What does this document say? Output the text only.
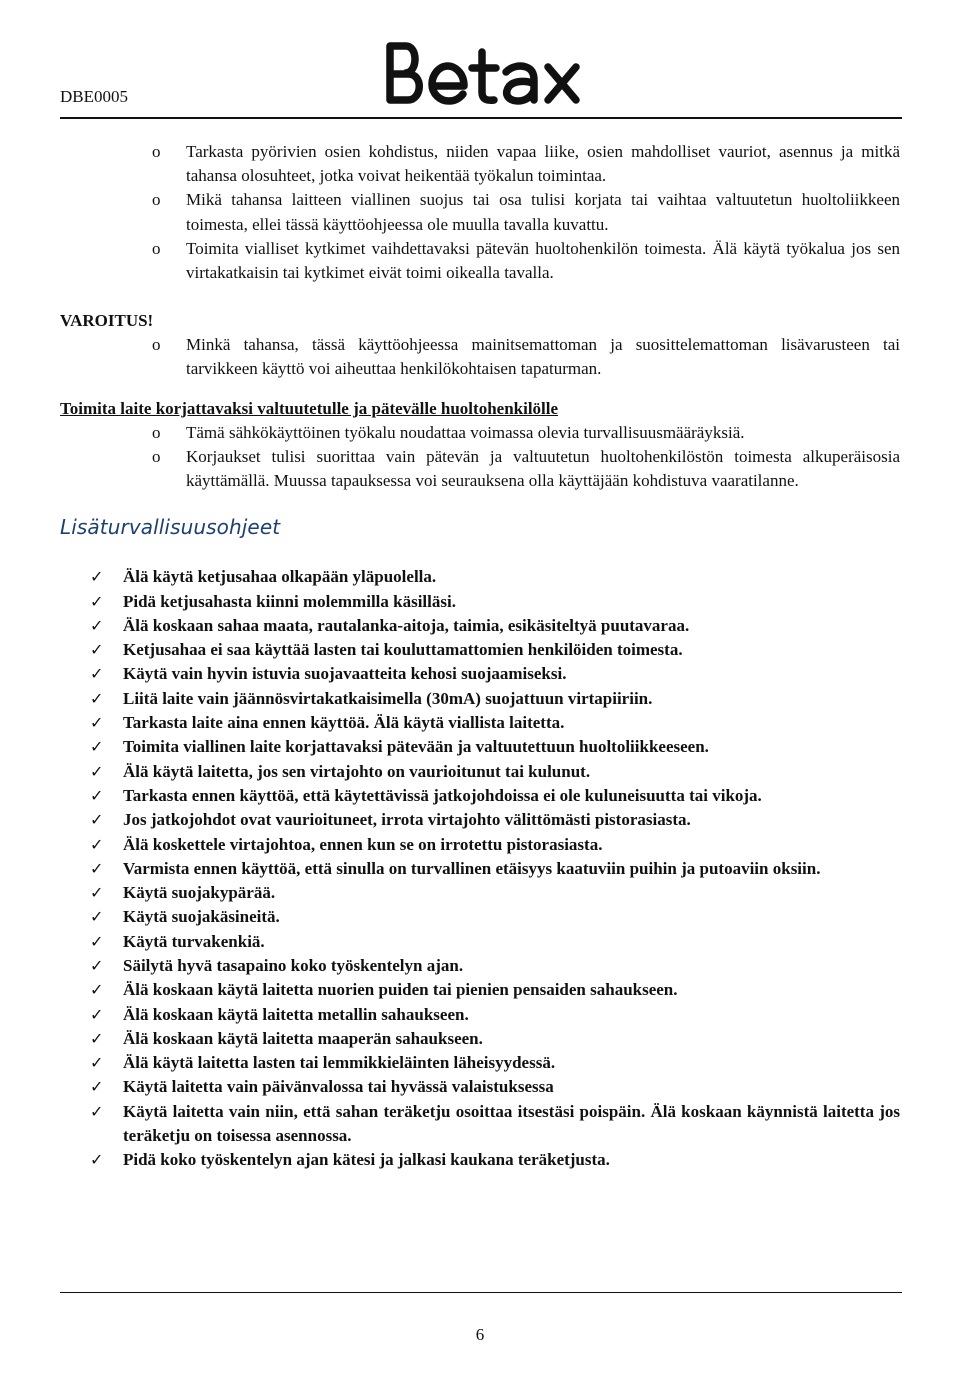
DBE0005
o Tarkasta pyörivien osien kohdistus, niiden vapaa liike, osien mahdolliset vauriot, asennus ja mitkä tahansa olosuhteet, jotka voivat heikentää työkalun toimintaa.
o Mikä tahansa laitteen viallinen suojus tai osa tulisi korjata tai vaihtaa valtuutetun huoltoliikkeen toimesta, ellei tässä käyttöohjeessa ole muulla tavalla kuvattu.
o Toimita vialliset kytkimet vaihdettavaksi pätevän huoltohenkilön toimesta. Älä käytä työkalua jos sen virtakatkaisin tai kytkimet eivät toimi oikealla tavalla.
VAROITUS!
o Minkä tahansa, tässä käyttöohjeessa mainitsemattoman ja suosittelemattoman lisävarusteen tai tarvikkeen käyttö voi aiheuttaa henkilökohtaisen tapaturman.
Toimita laite korjattavaksi valtuutetulle ja pätevälle huoltohenkilölle
o Tämä sähkökäyttöinen työkalu noudattaa voimassa olevia turvallisuusmääräyksiä.
o Korjaukset tulisi suorittaa vain pätevän ja valtuutetun huoltohenkilöstön toimesta alkuperäisosia käyttämällä. Muussa tapauksessa voi seurauksena olla käyttäjään kohdistuva vaaratilanne.
Lisäturvallisuusohjeet
✓ Älä käytä ketjusahaa olkapään yläpuolella.
✓ Pidä ketjusahasta kiinni molemmilla käsilläsi.
✓ Älä koskaan sahaa maata, rautalanka-aitoja, taimia, esikäsiteltyä puutavaraa.
✓ Ketjusahaa ei saa käyttää lasten tai kouluttamattomien henkilöiden toimesta.
✓ Käytä vain hyvin istuvia suojavaatteita kehosi suojaamiseksi.
✓ Liitä laite vain jäännösvirtakatkaisimella (30mA) suojattuun virtapiiriin.
✓ Tarkasta laite aina ennen käyttöä. Älä käytä viallista laitetta.
✓ Toimita viallinen laite korjattavaksi pätevään ja valtuutettuun huoltoliikkeeseen.
✓ Älä käytä laitetta, jos sen virtajohto on vaurioitunut tai kulunut.
✓ Tarkasta ennen käyttöä, että käytettävissä jatkojohdoissa ei ole kuluneisuutta tai vikoja.
✓ Jos jatkojohdot ovat vaurioituneet, irrota virtajohto välittömästi pistorasiasta.
✓ Älä koskettele virtajohtoa, ennen kun se on irrotettu pistorasiasta.
✓ Varmista ennen käyttöä, että sinulla on turvallinen etäisyys kaatuviin puihin ja putoaviin oksiin.
✓ Käytä suojakypärää.
✓ Käytä suojakäsineitä.
✓ Käytä turvakenkiä.
✓ Säilytä hyvä tasapaino koko työskentelyn ajan.
✓ Älä koskaan käytä laitetta nuorien puiden tai pienien pensaiden sahaukseen.
✓ Älä koskaan käytä laitetta metallin sahaukseen.
✓ Älä koskaan käytä laitetta maaperän sahaukseen.
✓ Älä käytä laitetta lasten tai lemmikkieläinten läheisyydessä.
✓ Käytä laitetta vain päivänvalossa tai hyvässä valaistuksessa
✓ Käytä laitetta vain niin, että sahan teräketju osoittaa itsestäsi poispäin. Älä koskaan käynnistä laitetta jos teräketju on toisessa asennossa.
✓ Pidä koko työskentelyn ajan kätesi ja jalkasi kaukana teräketjusta.
6
